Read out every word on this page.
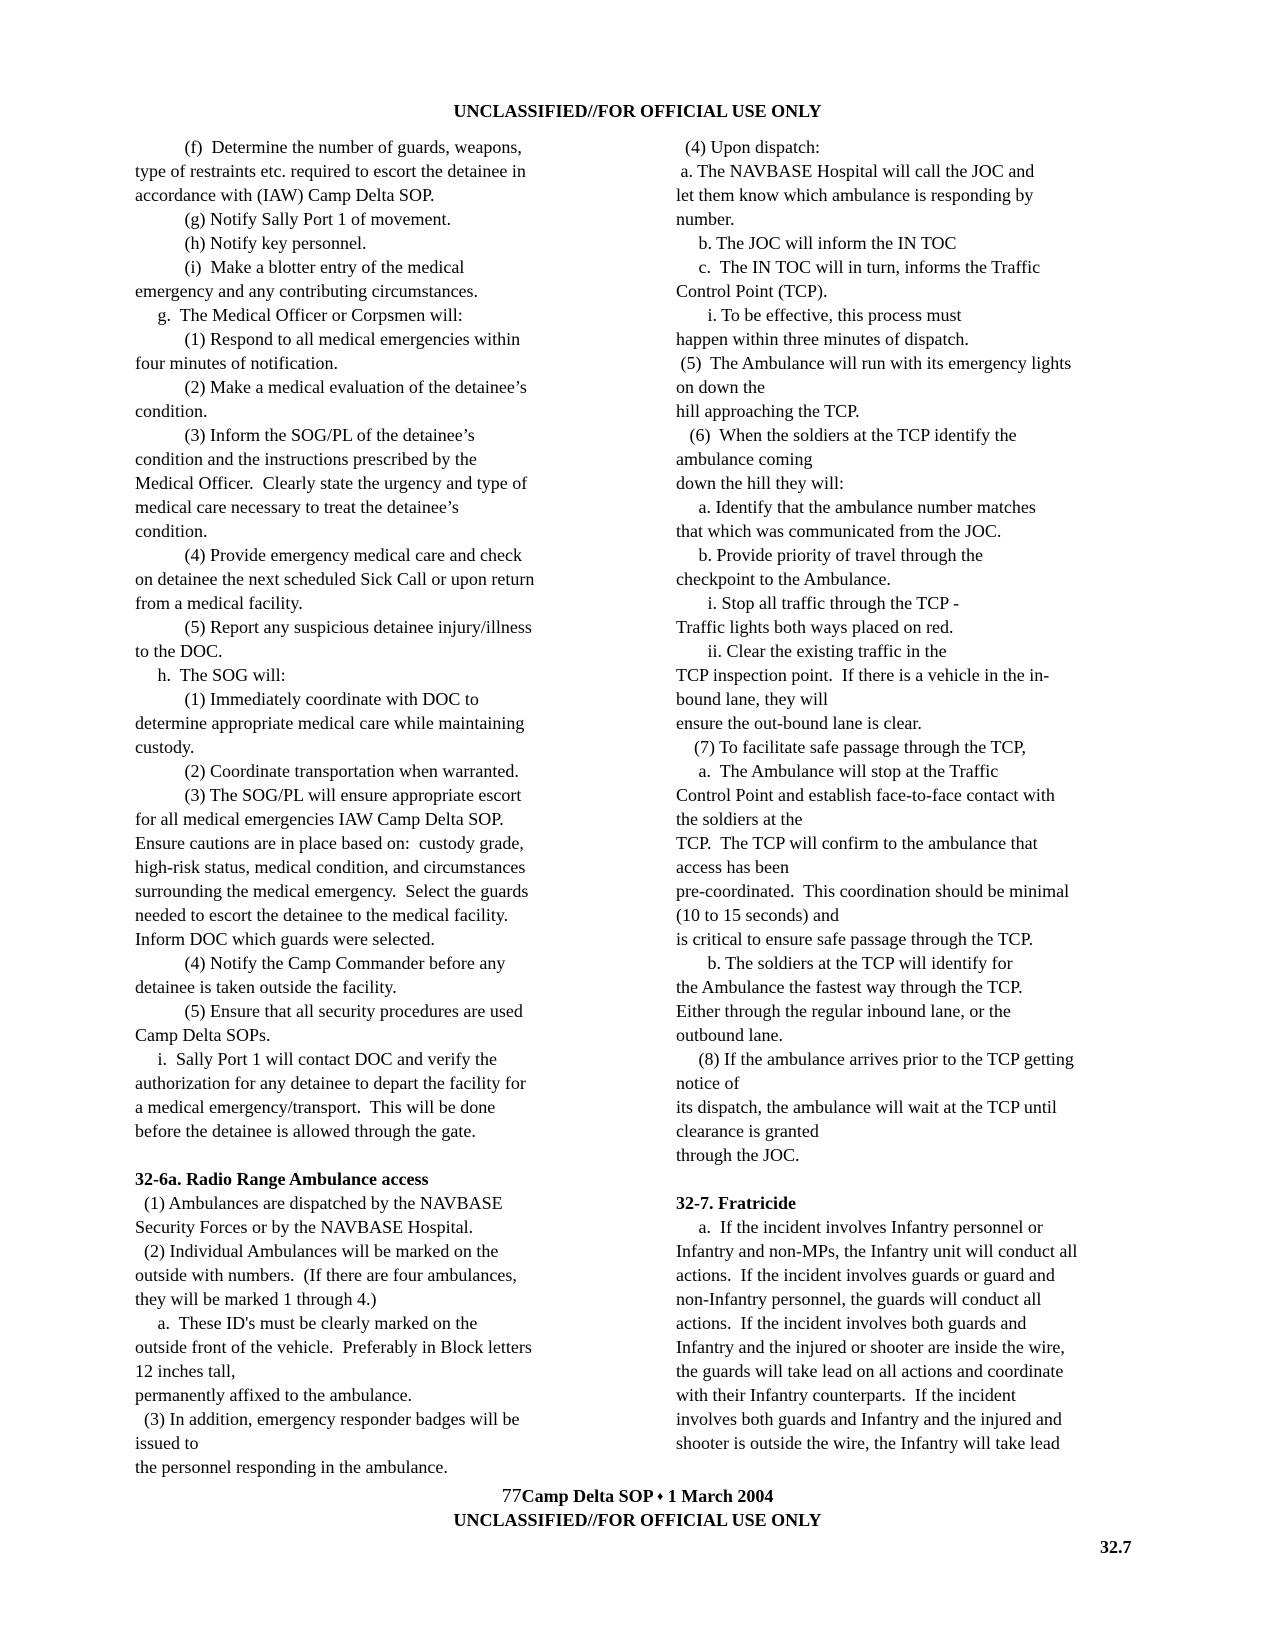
UNCLASSIFIED//FOR OFFICIAL USE ONLY

(f)  Determine the number of guards, weapons,
type of restraints etc. required to escort the detainee in
accordance with (IAW) Camp Delta SOP.

(g) Notify Sally Port 1 of movement.

(h) Notify key personnel.

(i)  Make a blotter entry of the medical
emergency and any contributing circumstances.

g.  The Medical Officer or Corpsmen will:

(1) Respond to all medical emergencies within
four minutes of notification.

(2) Make a medical evaluation of the detainee’s
condition.

(3) Inform the SOG/PL of the detainee’s
condition and the instructions prescribed by the
Medical Officer.  Clearly state the urgency and type of
medical care necessary to treat the detainee’s
condition.

(4) Provide emergency medical care and check
on detainee the next scheduled Sick Call or upon return
from a medical facility.

(5) Report any suspicious detainee injury/illness
to the DOC.

h.  The SOG will:

(1) Immediately coordinate with DOC to
determine appropriate medical care while maintaining
custody.

(2) Coordinate transportation when warranted.

(3) The SOG/PL will ensure appropriate escort
for all medical emergencies IAW Camp Delta SOP.
Ensure cautions are in place based on:  custody grade,
high-risk status, medical condition, and circumstances
surrounding the medical emergency.  Select the guards
needed to escort the detainee to the medical facility.
Inform DOC which guards were selected.

(4) Notify the Camp Commander before any
detainee is taken outside the facility.

(5) Ensure that all security procedures are used
Camp Delta SOPs.

i.  Sally Port 1 will contact DOC and verify the
authorization for any detainee to depart the facility for
a medical emergency/transport.  This will be done
before the detainee is allowed through the gate.

32-6a. Radio Range Ambulance access

(1) Ambulances are dispatched by the NAVBASE
Security Forces or by the NAVBASE Hospital.

(2) Individual Ambulances will be marked on the
outside with numbers.  (If there are four ambulances,
they will be marked 1 through 4.)

a.  These ID's must be clearly marked on the
outside front of the vehicle.  Preferably in Block letters
12 inches tall,
permanently affixed to the ambulance.

(3) In addition, emergency responder badges will be
issued to
the personnel responding in the ambulance.

(4) Upon dispatch:

a. The NAVBASE Hospital will call the JOC and
let them know which ambulance is responding by
number.

b. The JOC will inform the IN TOC

c.  The IN TOC will in turn, informs the Traffic
Control Point (TCP).

i. To be effective, this process must
happen within three minutes of dispatch.

(5)  The Ambulance will run with its emergency lights
on down the
hill approaching the TCP.

(6)  When the soldiers at the TCP identify the
ambulance coming
down the hill they will:

a. Identify that the ambulance number matches
that which was communicated from the JOC.

b. Provide priority of travel through the
checkpoint to the Ambulance.

i. Stop all traffic through the TCP -
Traffic lights both ways placed on red.

ii. Clear the existing traffic in the
TCP inspection point.  If there is a vehicle in the in-
bound lane, they will
ensure the out-bound lane is clear.

(7) To facilitate safe passage through the TCP,

a.  The Ambulance will stop at the Traffic
Control Point and establish face-to-face contact with
the soldiers at the
TCP.  The TCP will confirm to the ambulance that
access has been
pre-coordinated.  This coordination should be minimal
(10 to 15 seconds) and
is critical to ensure safe passage through the TCP.

b. The soldiers at the TCP will identify for
the Ambulance the fastest way through the TCP.
Either through the regular inbound lane, or the
outbound lane.

(8) If the ambulance arrives prior to the TCP getting
notice of
its dispatch, the ambulance will wait at the TCP until
clearance is granted
through the JOC.

32-7. Fratricide

a.  If the incident involves Infantry personnel or
Infantry and non-MPs, the Infantry unit will conduct all
actions.  If the incident involves guards or guard and
non-Infantry personnel, the guards will conduct all
actions.  If the incident involves both guards and
Infantry and the injured or shooter are inside the wire,
the guards will take lead on all actions and coordinate
with their Infantry counterparts.  If the incident
involves both guards and Infantry and the injured and
shooter is outside the wire, the Infantry will take lead

77Camp Delta SOP ♦ 1 March 2004
UNCLASSIFIED//FOR OFFICIAL USE ONLY
32.7
